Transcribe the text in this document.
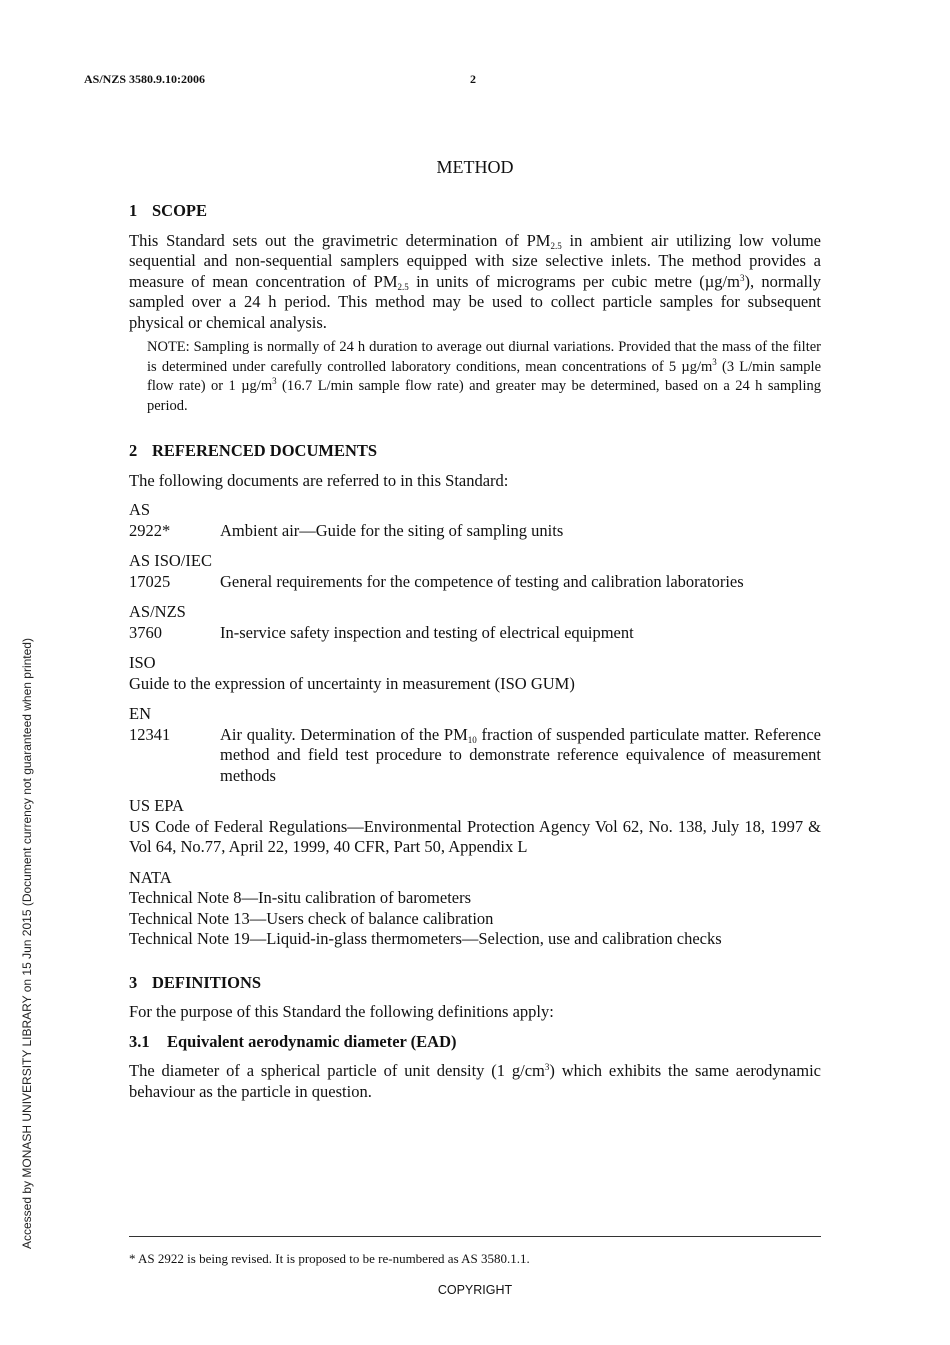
AS/NZS 3580.9.10:2006	2
Accessed by MONASH UNIVERSITY LIBRARY on 15 Jun 2015 (Document currency not guaranteed when printed)
METHOD
1 SCOPE
This Standard sets out the gravimetric determination of $PM_{2.5}$ in ambient air utilizing low volume sequential and non-sequential samplers equipped with size selective inlets. The method provides a measure of mean concentration of $PM_{2.5}$ in units of micrograms per cubic metre $(\mu g/m^3)$, normally sampled over a 24 h period. This method may be used to collect particle samples for subsequent physical or chemical analysis.
NOTE: Sampling is normally of 24 h duration to average out diurnal variations. Provided that the mass of the filter is determined under carefully controlled laboratory conditions, mean concentrations of 5 $\mu g/m^3$ (3 L/min sample flow rate) or 1 $\mu g/m^3$ (16.7 L/min sample flow rate) and greater may be determined, based on a 24 h sampling period.
2 REFERENCED DOCUMENTS
The following documents are referred to in this Standard:
AS
2922*	Ambient air—Guide for the siting of sampling units
AS ISO/IEC
17025	General requirements for the competence of testing and calibration laboratories
AS/NZS
3760	In-service safety inspection and testing of electrical equipment
ISO
Guide to the expression of uncertainty in measurement (ISO GUM)
EN
12341	Air quality. Determination of the $PM_{10}$ fraction of suspended particulate matter. Reference method and field test procedure to demonstrate reference equivalence of measurement methods
US EPA
US Code of Federal Regulations—Environmental Protection Agency Vol 62, No. 138, July 18, 1997 & Vol 64, No.77, April 22, 1999, 40 CFR, Part 50, Appendix L
NATA
Technical Note 8—In-situ calibration of barometers
Technical Note 13—Users check of balance calibration
Technical Note 19—Liquid-in-glass thermometers—Selection, use and calibration checks
3 DEFINITIONS
For the purpose of this Standard the following definitions apply:
3.1 Equivalent aerodynamic diameter (EAD)
The diameter of a spherical particle of unit density (1 $g/cm^3$) which exhibits the same aerodynamic behaviour as the particle in question.
* AS 2922 is being revised. It is proposed to be re-numbered as AS 3580.1.1.
COPYRIGHT
